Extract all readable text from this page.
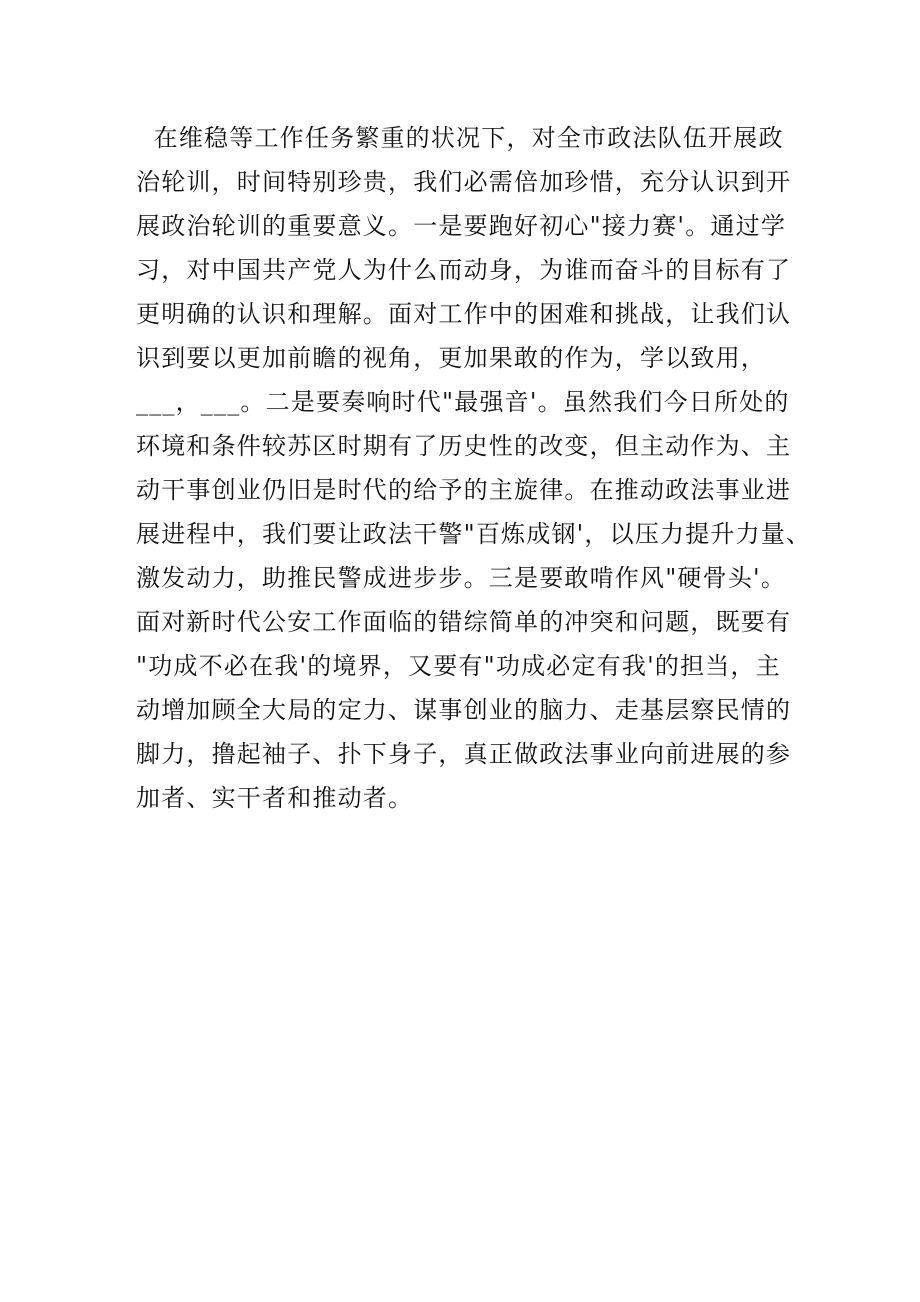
在维稳等工作任务繁重的状况下，对全市政法队伍开展政
治轮训，时间特别珍贵，我们必需倍加珍惜，充分认识到开
展政治轮训的重要意义。一是要跑好初心"接力赛'。通过学
习，对中国共产党人为什么而动身，为谁而奋斗的目标有了
更明确的认识和理解。面对工作中的困难和挑战，让我们认
识到要以更加前瞻的视角，更加果敢的作为，学以致用，
___，___。二是要奏响时代"最强音'。虽然我们今日所处的
环境和条件较苏区时期有了历史性的改变，但主动作为、主
动干事创业仍旧是时代的给予的主旋律。在推动政法事业进
展进程中，我们要让政法干警"百炼成钢'，以压力提升力量、
激发动力，助推民警成进步步。三是要敢啃作风"硬骨头'。
面对新时代公安工作面临的错综简单的冲突和问题，既要有
"功成不必在我'的境界，又要有"功成必定有我'的担当，主
动增加顾全大局的定力、谋事创业的脑力、走基层察民情的
脚力，撸起袖子、扑下身子，真正做政法事业向前进展的参
加者、实干者和推动者。
